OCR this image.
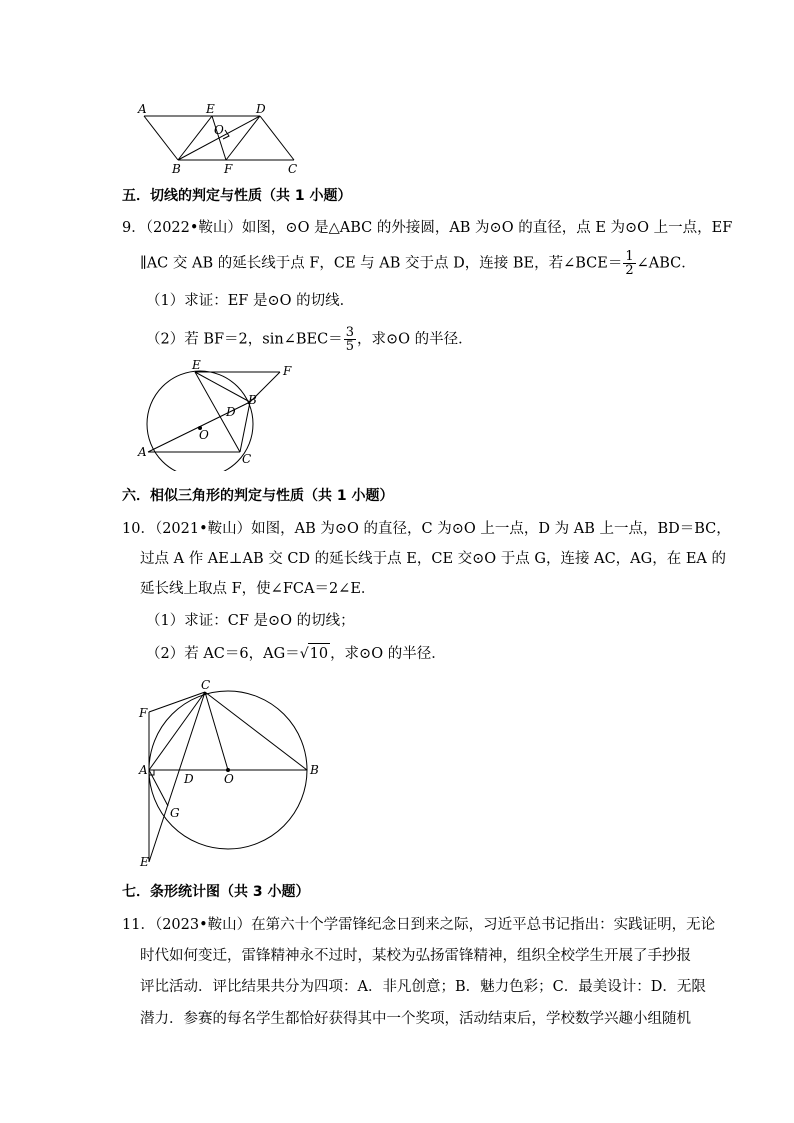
A	E	D
O
B	F	C
五．切线的判定与性质（共 1 小题）
9．（2022•鞍山）如图，⊙O 是△ABC 的外接圆，AB 为⊙O 的直径，点 E 为⊙O 上一点，EF
∥AC 交 AB 的延长线于点 F，CE 与 AB 交于点 D，连接 BE，若∠BCE＝ $\frac{1}{2}$ ∠ABC．
（1）求证：EF 是⊙O 的切线．
（2）若 BF＝2，sin∠BEC＝ $\frac{3}{5}$ ，求⊙O 的半径．
E	F
B
D
O
A	C
六．相似三角形的判定与性质（共 1 小题）
10．（2021•鞍山）如图，AB 为⊙O 的直径，C 为⊙O 上一点，D 为 AB 上一点，BD＝BC，
过点 A 作 AE⊥AB 交 CD 的延长线于点 E，CE 交⊙O 于点 G，连接 AC，AG，在 EA 的
延长线上取点 F，使∠FCA＝2∠E．
（1）求证：CF 是⊙O 的切线；
（2）若 AC＝6，AG＝√10 ，求⊙O 的半径．
C
F
A
D	O
B
G
E
七．条形统计图（共 3 小题）
11．（2023•鞍山）在第六十个学雷锋纪念日到来之际，习近平总书记指出：实践证明，无论
时代如何变迁，雷锋精神永不过时，某校为弘扬雷锋精神，组织全校学生开展了手抄报
评比活动．评比结果共分为四项：A．非凡创意；B．魅力色彩；C．最美设计：D．无限
潜力．参赛的每名学生都恰好获得其中一个奖项，活动结束后，学校数学兴趣小组随机
